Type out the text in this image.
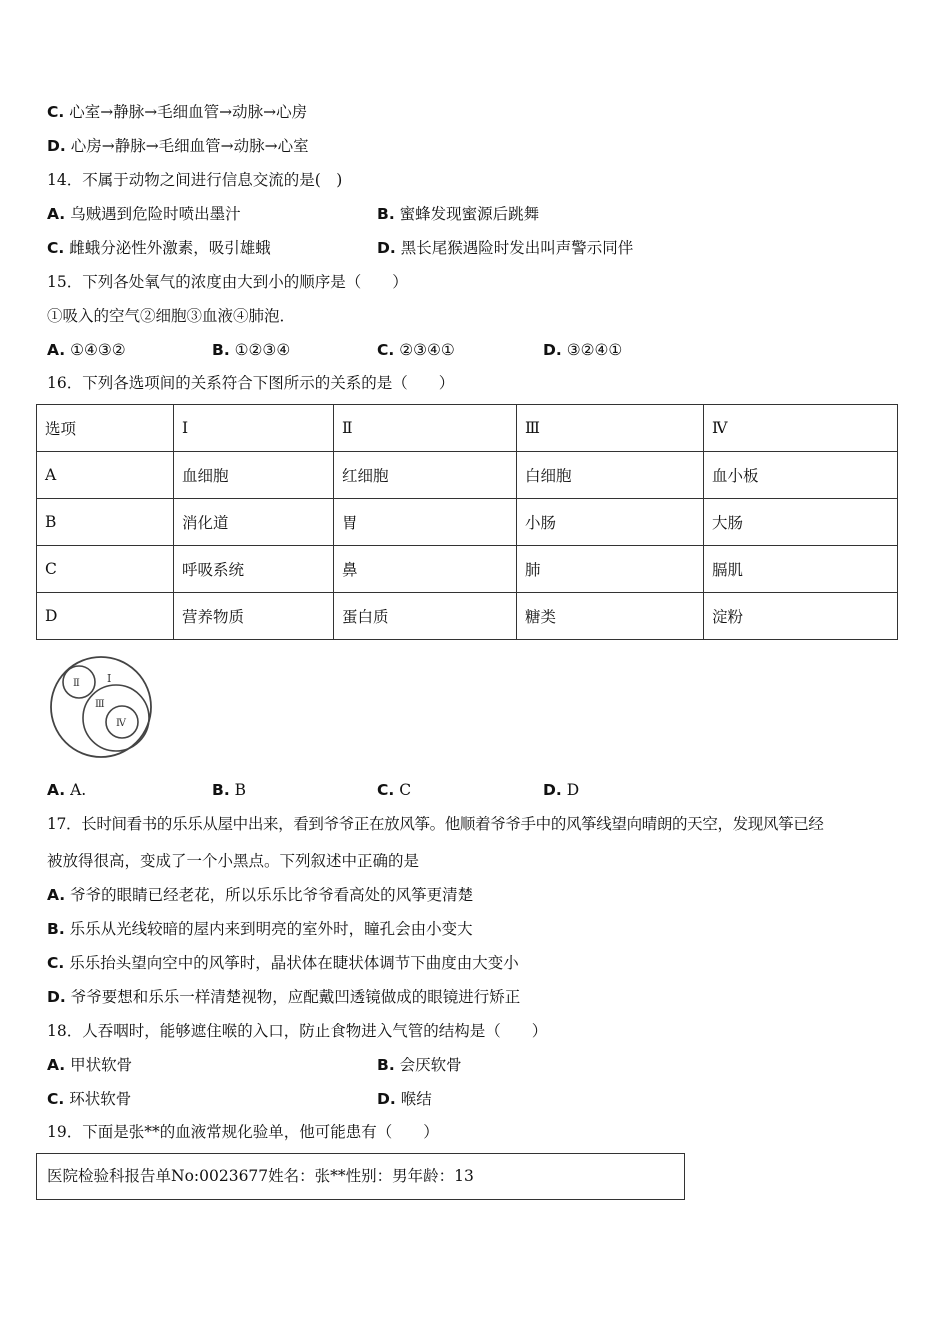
C. 心室→静脉→毛细血管→动脉→心房
D. 心房→静脉→毛细血管→动脉→心室
14．不属于动物之间进行信息交流的是(　)
A. 乌贼遇到危险时喷出墨汁	B. 蜜蜂发现蜜源后跳舞
C. 雌蛾分泌性外激素，吸引雄蛾	D. 黑长尾猴遇险时发出叫声警示同伴
15．下列各处氧气的浓度由大到小的顺序是（　　）
①吸入的空气②细胞③血液④肺泡．
A. ①④③②	B. ①②③④	C. ②③④①	D. ③②④①
16．下列各选项间的关系符合下图所示的关系的是（　　）
选项	Ⅰ	Ⅱ	Ⅲ	Ⅳ
A	血细胞	红细胞	白细胞	血小板
B	消化道	胃	小肠	大肠
C	呼吸系统	鼻	肺	膈肌
D	营养物质	蛋白质	糖类	淀粉
Ⅰ
Ⅱ
Ⅲ
Ⅳ
A. A.	B. B	C. C	D. D
17．长时间看书的乐乐从屋中出来，看到爷爷正在放风筝。他顺着爷爷手中的风筝线望向晴朗的天空，发现风筝已经
被放得很高，变成了一个小黑点。下列叙述中正确的是
A. 爷爷的眼睛已经老花，所以乐乐比爷爷看高处的风筝更清楚
B. 乐乐从光线较暗的屋内来到明亮的室外时，瞳孔会由小变大
C. 乐乐抬头望向空中的风筝时，晶状体在睫状体调节下曲度由大变小
D. 爷爷要想和乐乐一样清楚视物，应配戴凹透镜做成的眼镜进行矫正
18．人吞咽时，能够遮住喉的入口，防止食物进入气管的结构是（　　）
A. 甲状软骨	B. 会厌软骨
C. 环状软骨	D. 喉结
19．下面是张**的血液常规化验单，他可能患有（　　）
医院检验科报告单No:0023677姓名：张**性别：男年龄：13
